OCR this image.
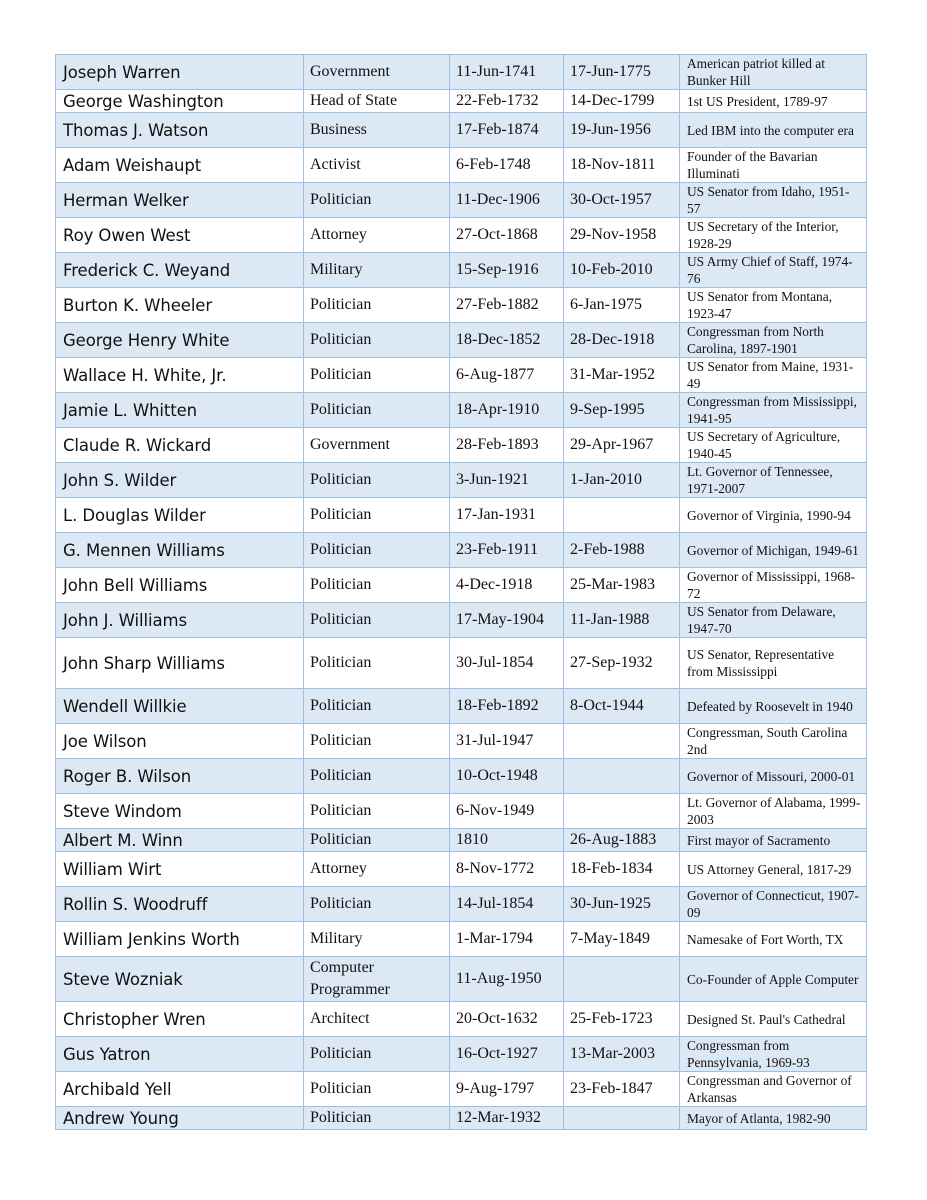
Joseph Warren	Government	11-Jun-1741	17-Jun-1775	American patriot killed at Bunker Hill
George Washington	Head of State	22-Feb-1732	14-Dec-1799	1st US President, 1789-97
Thomas J. Watson	Business	17-Feb-1874	19-Jun-1956	Led IBM into the computer era
Adam Weishaupt	Activist	6-Feb-1748	18-Nov-1811	Founder of the Bavarian Illuminati
Herman Welker	Politician	11-Dec-1906	30-Oct-1957	US Senator from Idaho, 1951-57
Roy Owen West	Attorney	27-Oct-1868	29-Nov-1958	US Secretary of the Interior, 1928-29
Frederick C. Weyand	Military	15-Sep-1916	10-Feb-2010	US Army Chief of Staff, 1974-76
Burton K. Wheeler	Politician	27-Feb-1882	6-Jan-1975	US Senator from Montana, 1923-47
George Henry White	Politician	18-Dec-1852	28-Dec-1918	Congressman from North Carolina, 1897-1901
Wallace H. White, Jr.	Politician	6-Aug-1877	31-Mar-1952	US Senator from Maine, 1931-49
Jamie L. Whitten	Politician	18-Apr-1910	9-Sep-1995	Congressman from Mississippi, 1941-95
Claude R. Wickard	Government	28-Feb-1893	29-Apr-1967	US Secretary of Agriculture, 1940-45
John S. Wilder	Politician	3-Jun-1921	1-Jan-2010	Lt. Governor of Tennessee, 1971-2007
L. Douglas Wilder	Politician	17-Jan-1931		Governor of Virginia, 1990-94
G. Mennen Williams	Politician	23-Feb-1911	2-Feb-1988	Governor of Michigan, 1949-61
John Bell Williams	Politician	4-Dec-1918	25-Mar-1983	Governor of Mississippi, 1968-72
John J. Williams	Politician	17-May-1904	11-Jan-1988	US Senator from Delaware, 1947-70
John Sharp Williams	Politician	30-Jul-1854	27-Sep-1932	US Senator, Representative from Mississippi
Wendell Willkie	Politician	18-Feb-1892	8-Oct-1944	Defeated by Roosevelt in 1940
Joe Wilson	Politician	31-Jul-1947		Congressman, South Carolina 2nd
Roger B. Wilson	Politician	10-Oct-1948		Governor of Missouri, 2000-01
Steve Windom	Politician	6-Nov-1949		Lt. Governor of Alabama, 1999-2003
Albert M. Winn	Politician	1810	26-Aug-1883	First mayor of Sacramento
William Wirt	Attorney	8-Nov-1772	18-Feb-1834	US Attorney General, 1817-29
Rollin S. Woodruff	Politician	14-Jul-1854	30-Jun-1925	Governor of Connecticut, 1907-09
William Jenkins Worth	Military	1-Mar-1794	7-May-1849	Namesake of Fort Worth, TX
Steve Wozniak	Computer Programmer	11-Aug-1950		Co-Founder of Apple Computer
Christopher Wren	Architect	20-Oct-1632	25-Feb-1723	Designed St. Paul's Cathedral
Gus Yatron	Politician	16-Oct-1927	13-Mar-2003	Congressman from Pennsylvania, 1969-93
Archibald Yell	Politician	9-Aug-1797	23-Feb-1847	Congressman and Governor of Arkansas
Andrew Young	Politician	12-Mar-1932		Mayor of Atlanta, 1982-90
